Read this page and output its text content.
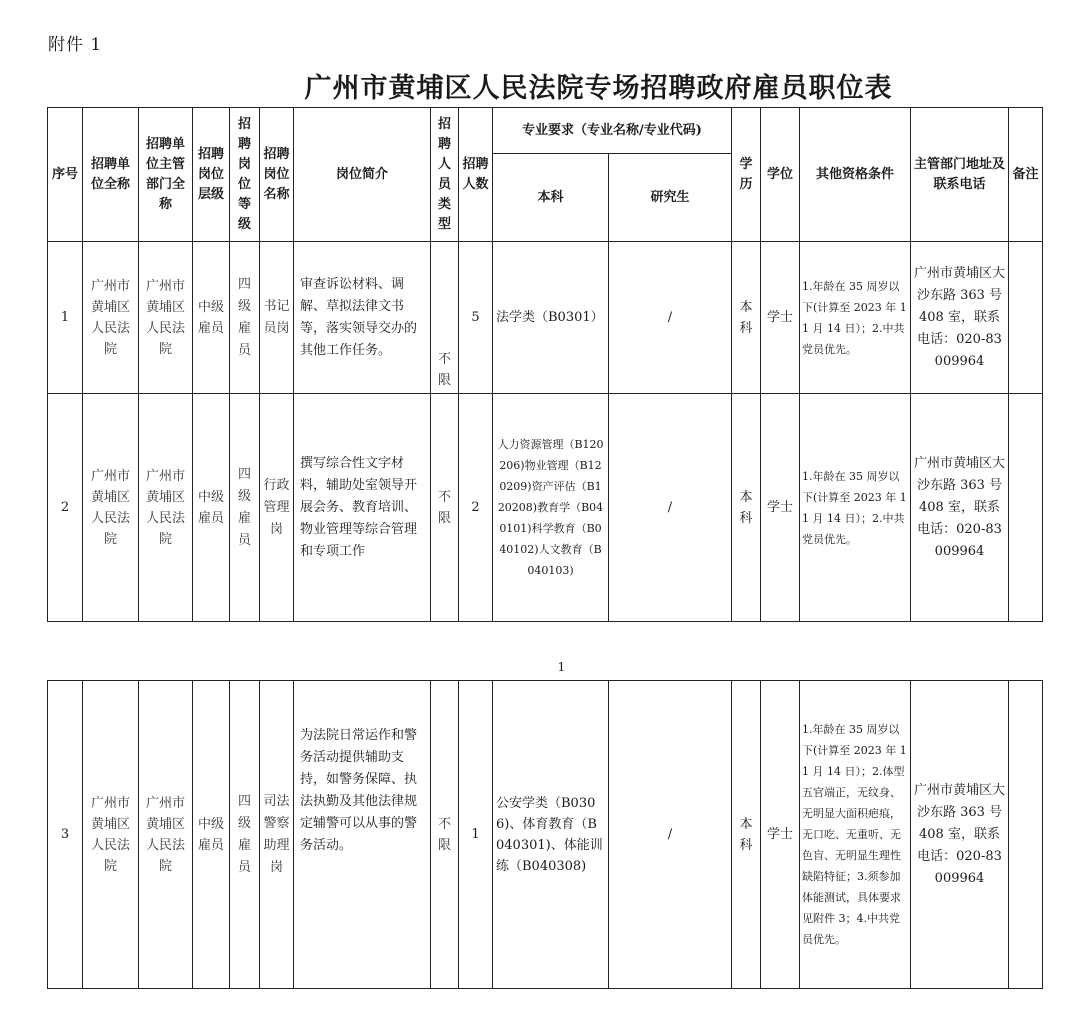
附件 1
广州市黄埔区人民法院专场招聘政府雇员职位表
序号	招聘单位全称	招聘单位主管部门全称	招聘岗位层级	招聘岗位等级	招聘岗位名称	岗位简介	招聘人员类型	招聘人数	专业要求（专业名称/专业代码)		学历	学位	其他资格条件	主管部门地址及联系电话	备注
									本科	研究生					
1	广州市黄埔区人民法院	广州市黄埔区人民法院	中级雇员	四级雇员	书记员岗	审查诉讼材料、调解、草拟法律文书等，落实领导交办的其他工作任务。	不限	5	法学类（B0301）	/	本科	学士	1.年龄在 35 周岁以下(计算至 2023 年 11 月 14 日）；2.中共党员优先。	广州市黄埔区大沙东路 363 号 408 室，联系电话：020-83009964	
2	广州市黄埔区人民法院	广州市黄埔区人民法院	中级雇员	四级雇员	行政管理岗	撰写综合性文字材料，辅助处室领导开展会务、教育培训、物业管理等综合管理和专项工作	不限	2	人力资源管理（B120206)物业管理（B120209)资产评估（B120208)教育学（B040101)科学教育（B040102)人文教育（B040103)	/	本科	学士	1.年龄在 35 周岁以下(计算至 2023 年 11 月 14 日）；2.中共党员优先。	广州市黄埔区大沙东路 363 号 408 室，联系电话：020-83009964	
1
3	广州市黄埔区人民法院	广州市黄埔区人民法院	中级雇员	四级雇员	司法警察助理岗	为法院日常运作和警务活动提供辅助支持，如警务保障、执法执勤及其他法律规定辅警可以从事的警务活动。	不限	1	公安学类（B0306)、体育教育（B040301)、体能训练（B040308)	/	本科	学士	1.年龄在 35 周岁以下(计算至 2023 年 11 月 14 日）；2.体型五官端正，无纹身、无明显大面积疤痕，无口吃、无重听、无色盲、无明显生理性缺陷特征；3.须参加体能测试，具体要求见附件 3；4.中共党员优先。	广州市黄埔区大沙东路 363 号 408 室，联系电话：020-83009964	
